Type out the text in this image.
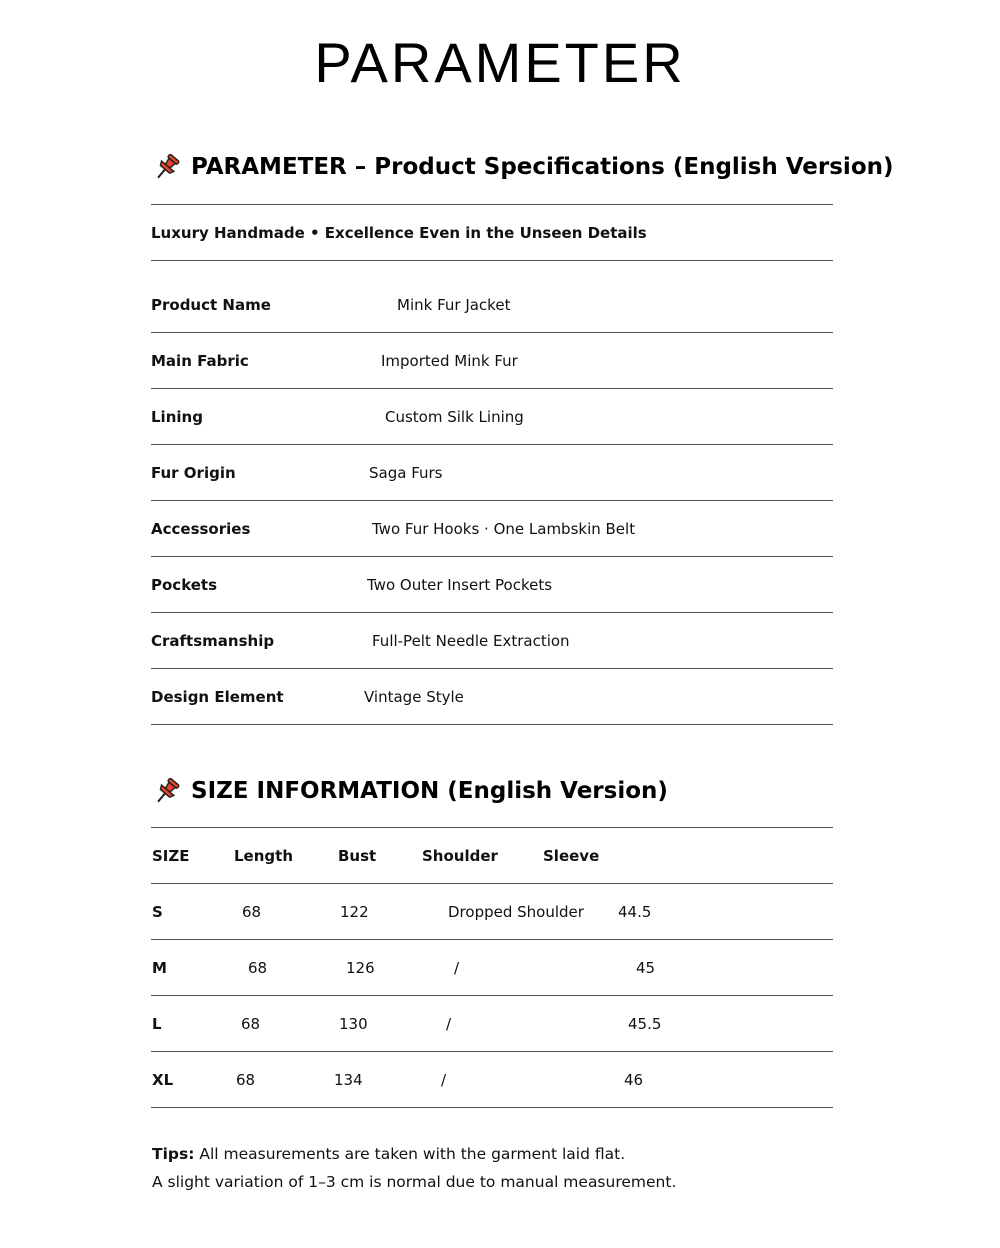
PARAMETER
PARAMETER – Product Specifications (English Version)
Luxury Handmade • Excellence Even in the Unseen Details
Product Name	Mink Fur Jacket
Main Fabric	Imported Mink Fur
Lining	Custom Silk Lining
Fur Origin	Saga Furs
Accessories	Two Fur Hooks · One Lambskin Belt
Pockets	Two Outer Insert Pockets
Craftsmanship	Full-Pelt Needle Extraction
Design Element	Vintage Style
SIZE INFORMATION (English Version)
SIZE	Length	Bust	Shoulder	Sleeve
S	68	122	Dropped Shoulder 44.5
M	68	126	/	45
L	68	130	/	45.5
XL	68	134	/	46
Tips: All measurements are taken with the garment laid flat.
A slight variation of 1–3 cm is normal due to manual measurement.
